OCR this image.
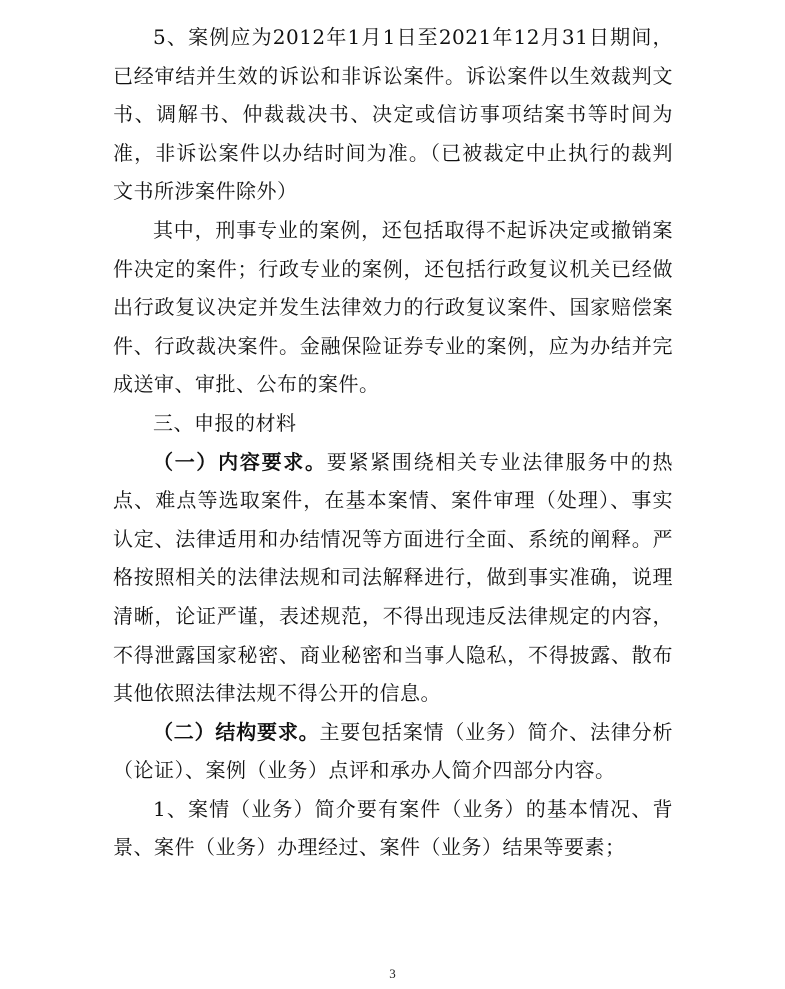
5、案例应为2012年1月1日至2021年12月31日期间，已经审结并生效的诉讼和非诉讼案件。诉讼案件以生效裁判文书、调解书、仲裁裁决书、决定或信访事项结案书等时间为准，非诉讼案件以办结时间为准。（已被裁定中止执行的裁判文书所涉案件除外）

其中，刑事专业的案例，还包括取得不起诉决定或撤销案件决定的案件；行政专业的案例，还包括行政复议机关已经做出行政复议决定并发生法律效力的行政复议案件、国家赔偿案件、行政裁决案件。金融保险证券专业的案例，应为办结并完成送审、审批、公布的案件。

三、申报的材料

（一）内容要求。要紧紧围绕相关专业法律服务中的热点、难点等选取案件，在基本案情、案件审理（处理）、事实认定、法律适用和办结情况等方面进行全面、系统的阐释。严格按照相关的法律法规和司法解释进行，做到事实准确，说理清晰，论证严谨，表述规范，不得出现违反法律规定的内容，不得泄露国家秘密、商业秘密和当事人隐私，不得披露、散布其他依照法律法规不得公开的信息。

（二）结构要求。主要包括案情（业务）简介、法律分析（论证）、案例（业务）点评和承办人简介四部分内容。

1、案情（业务）简介要有案件（业务）的基本情况、背景、案件（业务）办理经过、案件（业务）结果等要素；

3
